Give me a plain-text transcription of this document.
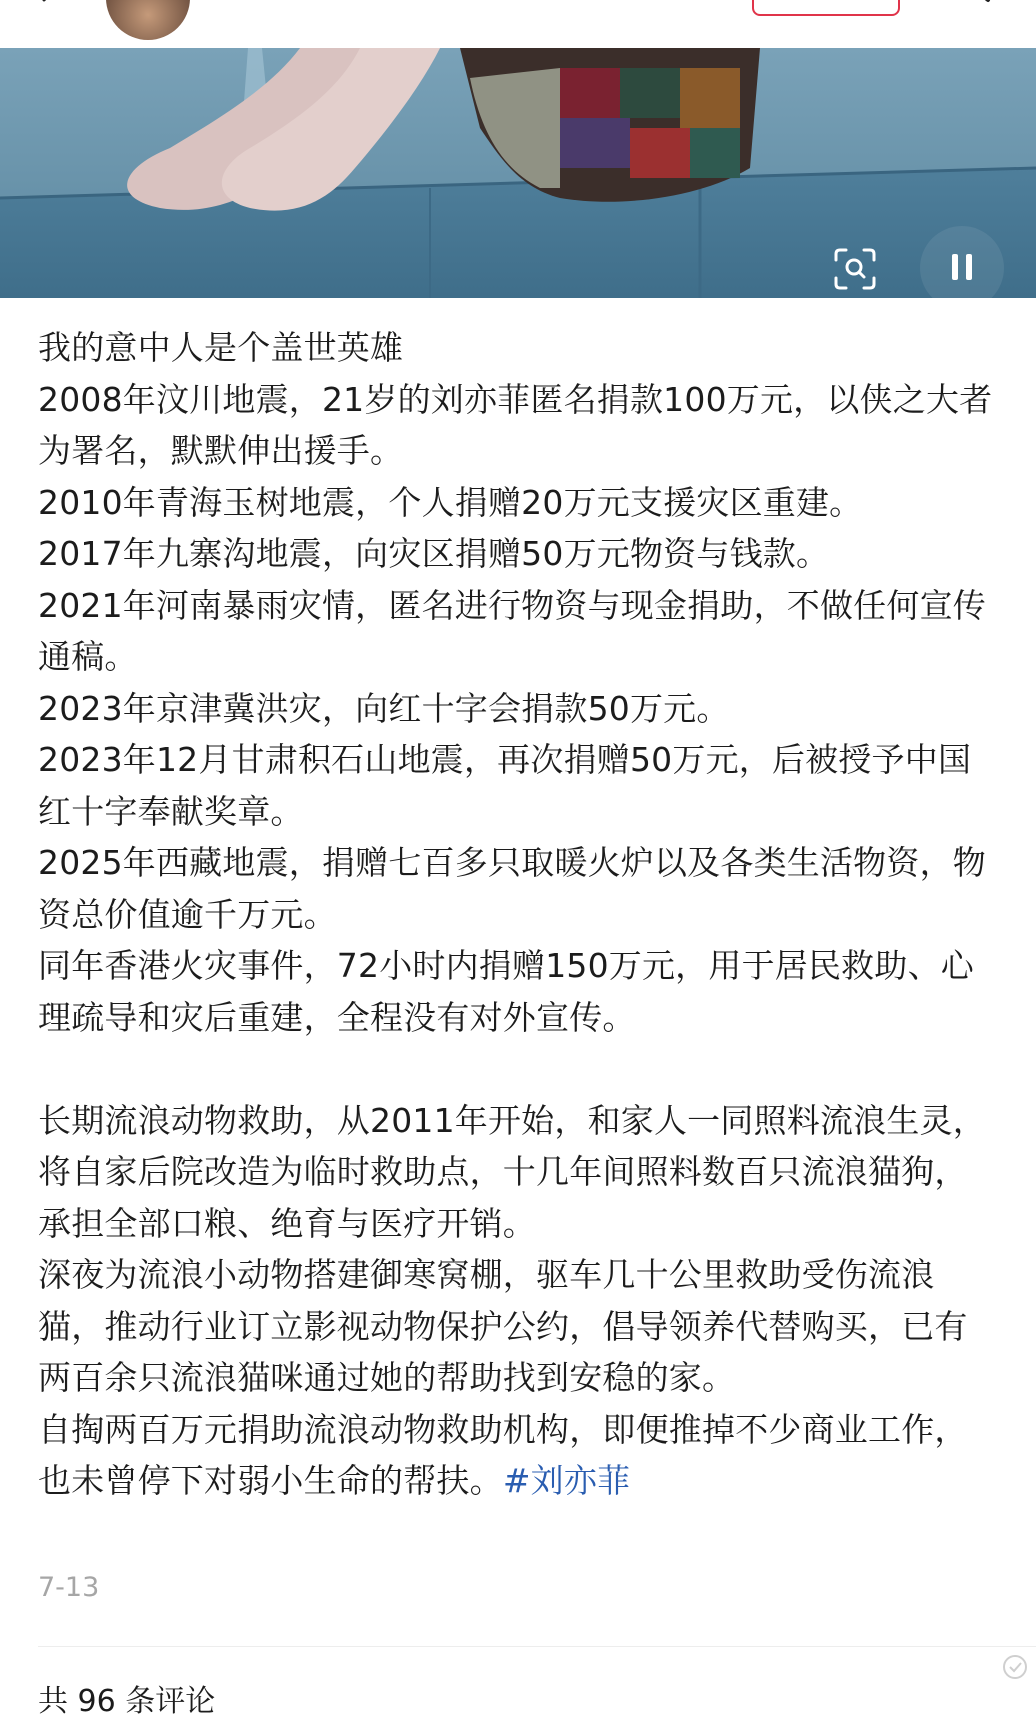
我的意中人是个盖世英雄
2008年汶川地震，21岁的刘亦菲匿名捐款100万元，以侠之大者为署名，默默伸出援手。
2010年青海玉树地震，个人捐赠20万元支援灾区重建。
2017年九寨沟地震，向灾区捐赠50万元物资与钱款。
2021年河南暴雨灾情，匿名进行物资与现金捐助，不做任何宣传通稿。
2023年京津冀洪灾，向红十字会捐款50万元。
2023年12月甘肃积石山地震，再次捐赠50万元，后被授予中国红十字奉献奖章。
2025年西藏地震，捐赠七百多只取暖火炉以及各类生活物资，物资总价值逾千万元。
同年香港火灾事件，72小时内捐赠150万元，用于居民救助、心理疏导和灾后重建，全程没有对外宣传。

长期流浪动物救助，从2011年开始，和家人一同照料流浪生灵，将自家后院改造为临时救助点，十几年间照料数百只流浪猫狗，承担全部口粮、绝育与医疗开销。
深夜为流浪小动物搭建御寒窝棚，驱车几十公里救助受伤流浪猫，推动行业订立影视动物保护公约，倡导领养代替购买，已有两百余只流浪猫咪通过她的帮助找到安稳的家。
自掏两百万元捐助流浪动物救助机构，即便推掉不少商业工作，也未曾停下对弱小生命的帮扶。#刘亦菲

7-13
共 96 条评论
